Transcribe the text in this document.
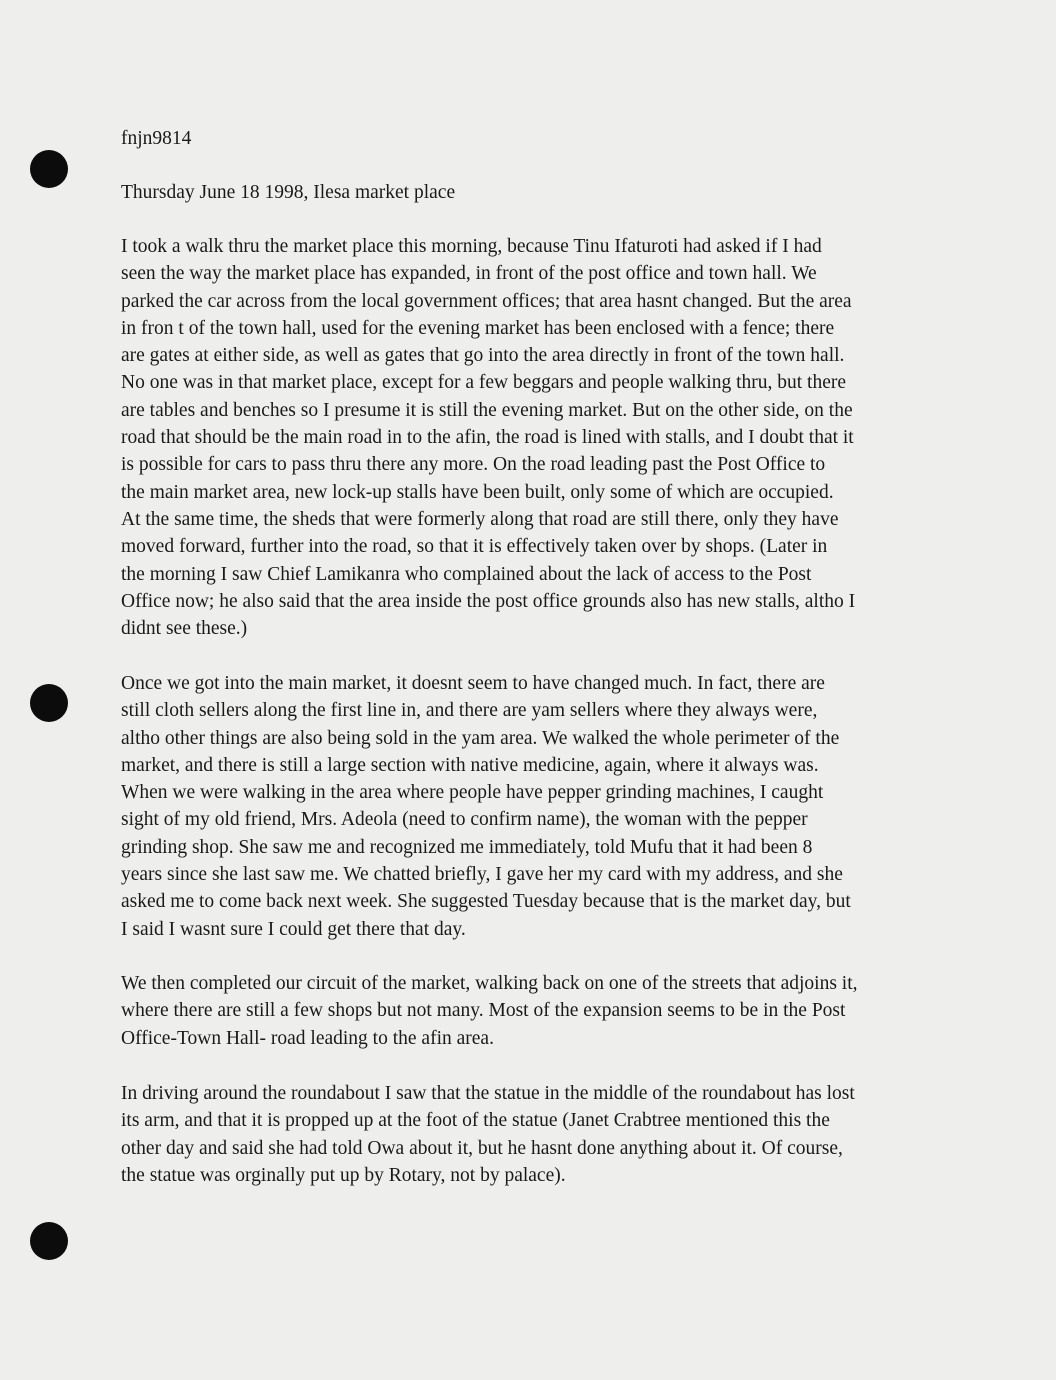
fnjn9814

Thursday June 18 1998, Ilesa market place

I took a walk thru the market place this morning, because Tinu Ifaturoti had asked if I had
seen the way the market place has expanded, in front of the post office and town hall. We
parked the car across from the local government offices; that area hasnt changed. But the area
in fron t of the town hall, used for the evening market has been enclosed with a fence; there
are gates at either side, as well as gates that go into the area directly in front of the town hall.
No one was in that market place, except for a few beggars and people walking thru, but there
are tables and benches so I presume it is still the evening market. But on the other side, on the
road that should be the main road in to the afin, the road is lined with stalls, and I doubt that it
is possible for cars to pass thru there any more. On the road leading past the Post Office to
the main market area, new lock-up stalls have been built, only some of which are occupied.
At the same time, the sheds that were formerly along that road are still there, only they have
moved forward, further into the road, so that it is effectively taken over by shops. (Later in
the morning I saw Chief Lamikanra who complained about the lack of access to the Post
Office now; he also said that the area inside the post office grounds also has new stalls, altho I
didnt see these.)

Once we got into the main market, it doesnt seem to have changed much. In fact, there are
still cloth sellers along the first line in, and there are yam sellers where they always were,
altho other things are also being sold in the yam area. We walked the whole perimeter of the
market, and there is still a large section with native medicine, again, where it always was.
When we were walking in the area where people have pepper grinding machines, I caught
sight of my old friend, Mrs. Adeola (need to confirm name), the woman with the pepper
grinding shop. She saw me and recognized me immediately, told Mufu that it had been 8
years since she last saw me. We chatted briefly, I gave her my card with my address, and she
asked me to come back next week. She suggested Tuesday because that is the market day, but
I said I wasnt sure I could get there that day.

We then completed our circuit of the market, walking back on one of the streets that adjoins it,
where there are still a few shops but not many. Most of the expansion seems to be in the Post
Office-Town Hall- road leading to the afin area.

In driving around the roundabout I saw that the statue in the middle of the roundabout has lost
its arm, and that it is propped up at the foot of the statue (Janet Crabtree mentioned this the
other day and said she had told Owa about it, but he hasnt done anything about it. Of course,
the statue was orginally put up by Rotary, not by palace).
